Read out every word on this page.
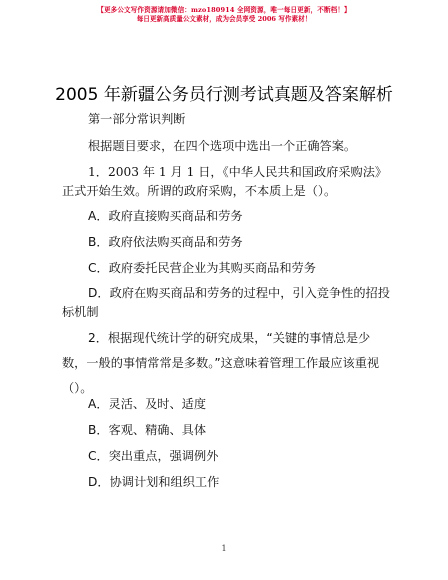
【更多公文写作资源请加微信：mzo180914 全网资源，唯一每日更新，不断档！】
每日更新高质量公文素材，成为会员享受 2006 写作素材！
2005 年新疆公务员行测考试真题及答案解析
第一部分常识判断
根据题目要求，在四个选项中选出一个正确答案。
1．2003 年 1 月 1 日，《中华人民共和国政府采购法》正式开始生效。所谓的政府采购，不本质上是（）。
A．政府直接购买商品和劳务
B．政府依法购买商品和劳务
C．政府委托民营企业为其购买商品和劳务
D．政府在购买商品和劳务的过程中，引入竞争性的招投标机制
2．根据现代统计学的研究成果，“关键的事情总是少数，一般的事情常常是多数。”这意味着管理工作最应该重视（）。
A．灵活、及时、适度
B．客观、精确、具体
C．突出重点，强调例外
D．协调计划和组织工作
1
